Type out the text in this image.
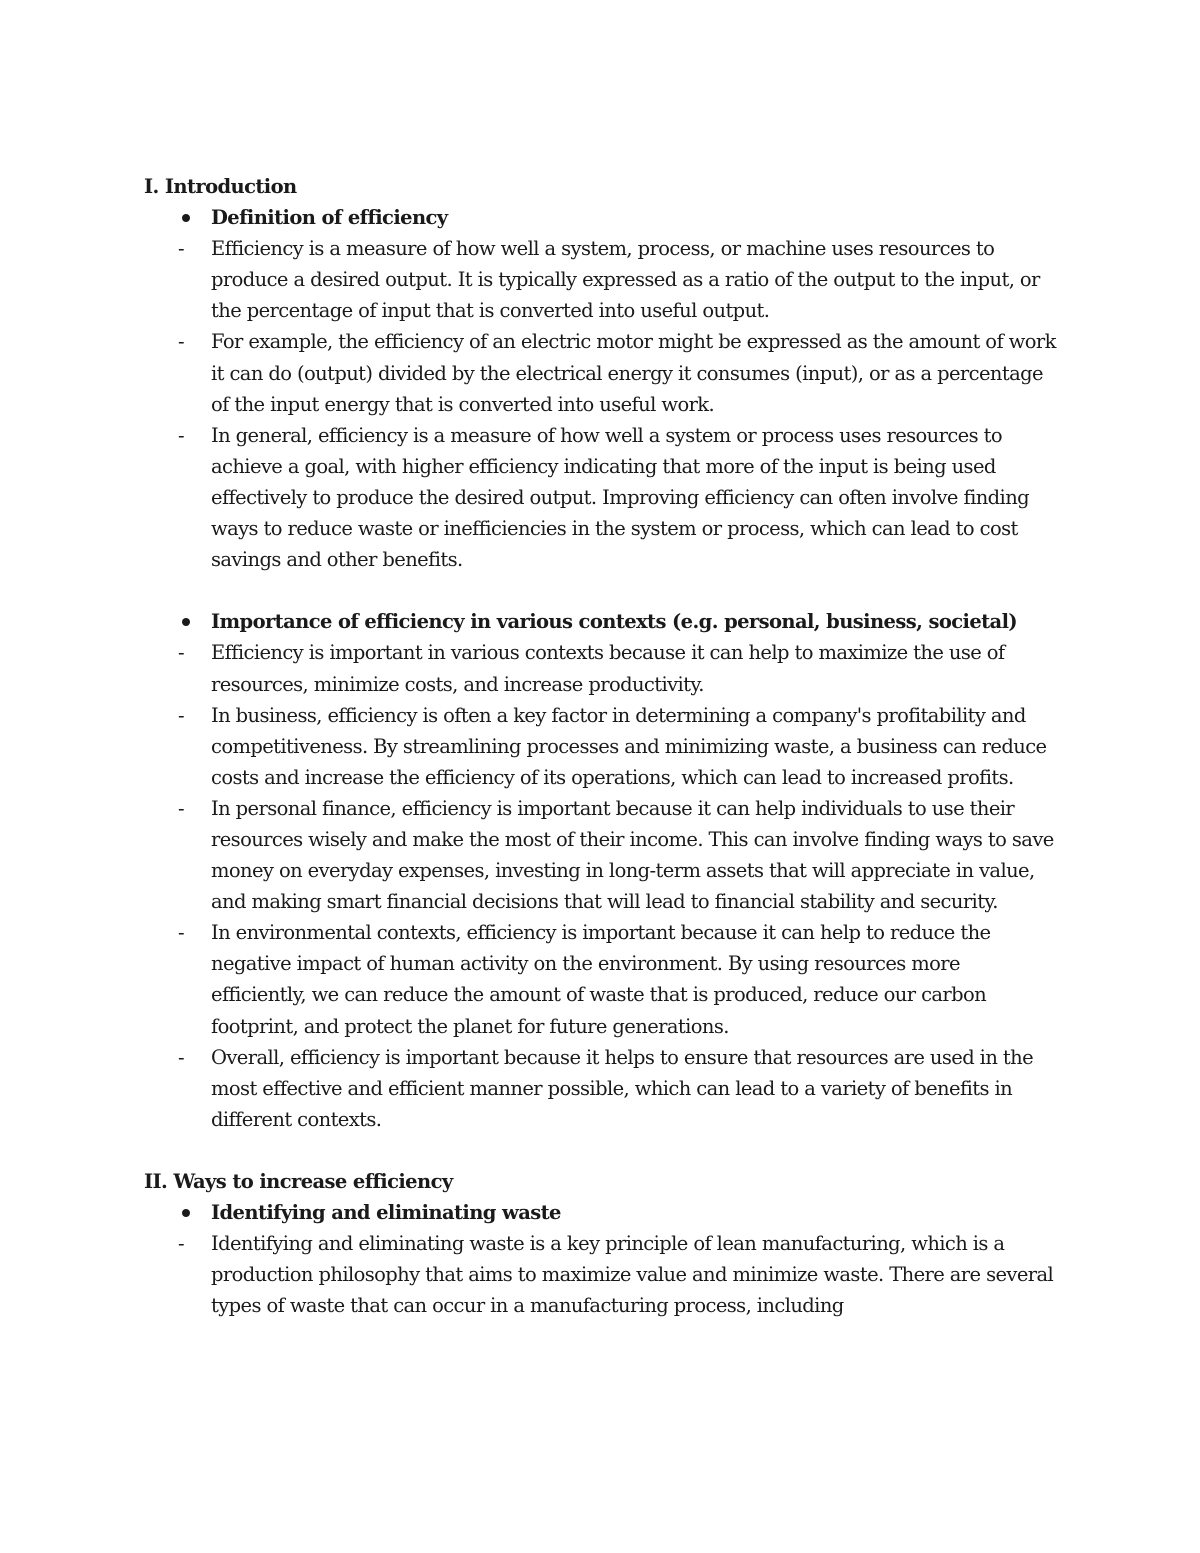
I. Introduction

Definition of efficiency

- Efficiency is a measure of how well a system, process, or machine uses resources to produce a desired output. It is typically expressed as a ratio of the output to the input, or the percentage of input that is converted into useful output.

- For example, the efficiency of an electric motor might be expressed as the amount of work it can do (output) divided by the electrical energy it consumes (input), or as a percentage of the input energy that is converted into useful work.

- In general, efficiency is a measure of how well a system or process uses resources to achieve a goal, with higher efficiency indicating that more of the input is being used effectively to produce the desired output. Improving efficiency can often involve finding ways to reduce waste or inefficiencies in the system or process, which can lead to cost savings and other benefits.

Importance of efficiency in various contexts (e.g. personal, business, societal)

- Efficiency is important in various contexts because it can help to maximize the use of resources, minimize costs, and increase productivity.

- In business, efficiency is often a key factor in determining a company's profitability and competitiveness. By streamlining processes and minimizing waste, a business can reduce costs and increase the efficiency of its operations, which can lead to increased profits.

- In personal finance, efficiency is important because it can help individuals to use their resources wisely and make the most of their income. This can involve finding ways to save money on everyday expenses, investing in long-term assets that will appreciate in value, and making smart financial decisions that will lead to financial stability and security.

- In environmental contexts, efficiency is important because it can help to reduce the negative impact of human activity on the environment. By using resources more efficiently, we can reduce the amount of waste that is produced, reduce our carbon footprint, and protect the planet for future generations.

- Overall, efficiency is important because it helps to ensure that resources are used in the most effective and efficient manner possible, which can lead to a variety of benefits in different contexts.

II. Ways to increase efficiency

Identifying and eliminating waste

- Identifying and eliminating waste is a key principle of lean manufacturing, which is a production philosophy that aims to maximize value and minimize waste. There are several types of waste that can occur in a manufacturing process, including
